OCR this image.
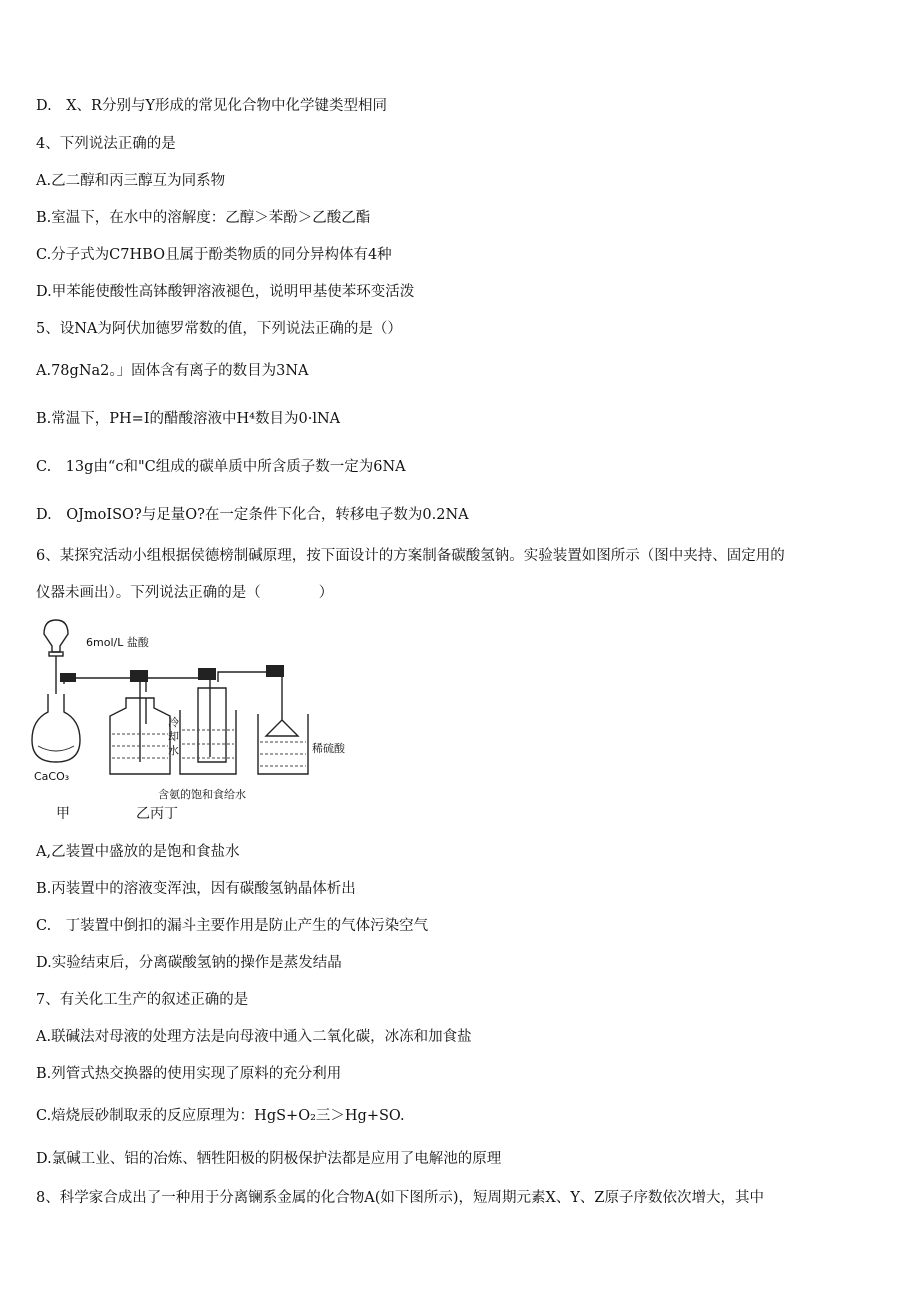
D.　X、R分别与Y形成的常见化合物中化学键类型相同
4、下列说法正确的是
A.乙二醇和丙三醇互为同系物
B.室温下，在水中的溶解度：乙醇＞苯酚＞乙酸乙酯
C.分子式为C7HBO且属于酚类物质的同分异构体有4种
D.甲苯能使酸性高钵酸钾溶液褪色，说明甲基使苯环变活泼
5、设NA为阿伏加德罗常数的值，下列说法正确的是（）
A.78gNa2。」固体含有离子的数目为3NA
B.常温下，PH=I的醋酸溶液中H⁴数目为0·lNA
C.　13g由“c和"C组成的碳单质中所含质子数一定为6NA
D.　OJmoISO?与足量O?在一定条件下化合，转移电子数为0.2NA
6、某探究活动小组根据侯德榜制碱原理，按下面设计的方案制备碳酸氢钠。实验装置如图所示（图中夹持、固定用的
仪器未画出）。下列说法正确的是（　　　　）
6mol/L 盐酸
CaCO₃
冷
却
水	稀硫酸
含氨的饱和食给水
甲	乙丙丁
A,乙装置中盛放的是饱和食盐水
B.丙装置中的溶液变浑浊，因有碳酸氢钠晶体析出
C.　丁装置中倒扣的漏斗主要作用是防止产生的气体污染空气
D.实验结束后，分离碳酸氢钠的操作是蒸发结晶
7、有关化工生产的叙述正确的是
A.联碱法对母液的处理方法是向母液中通入二氧化碳，冰冻和加食盐
B.列管式热交换器的使用实现了原料的充分利用
C.焙烧辰砂制取汞的反应原理为：HgS+O₂三＞Hg+SO.
D.氯碱工业、铝的冶炼、牺牲阳极的阴极保护法都是应用了电解池的原理
8、科学家合成出了一种用于分离镧系金属的化合物A(如下图所示)，短周期元素X、Y、Z原子序数依次增大，其中
